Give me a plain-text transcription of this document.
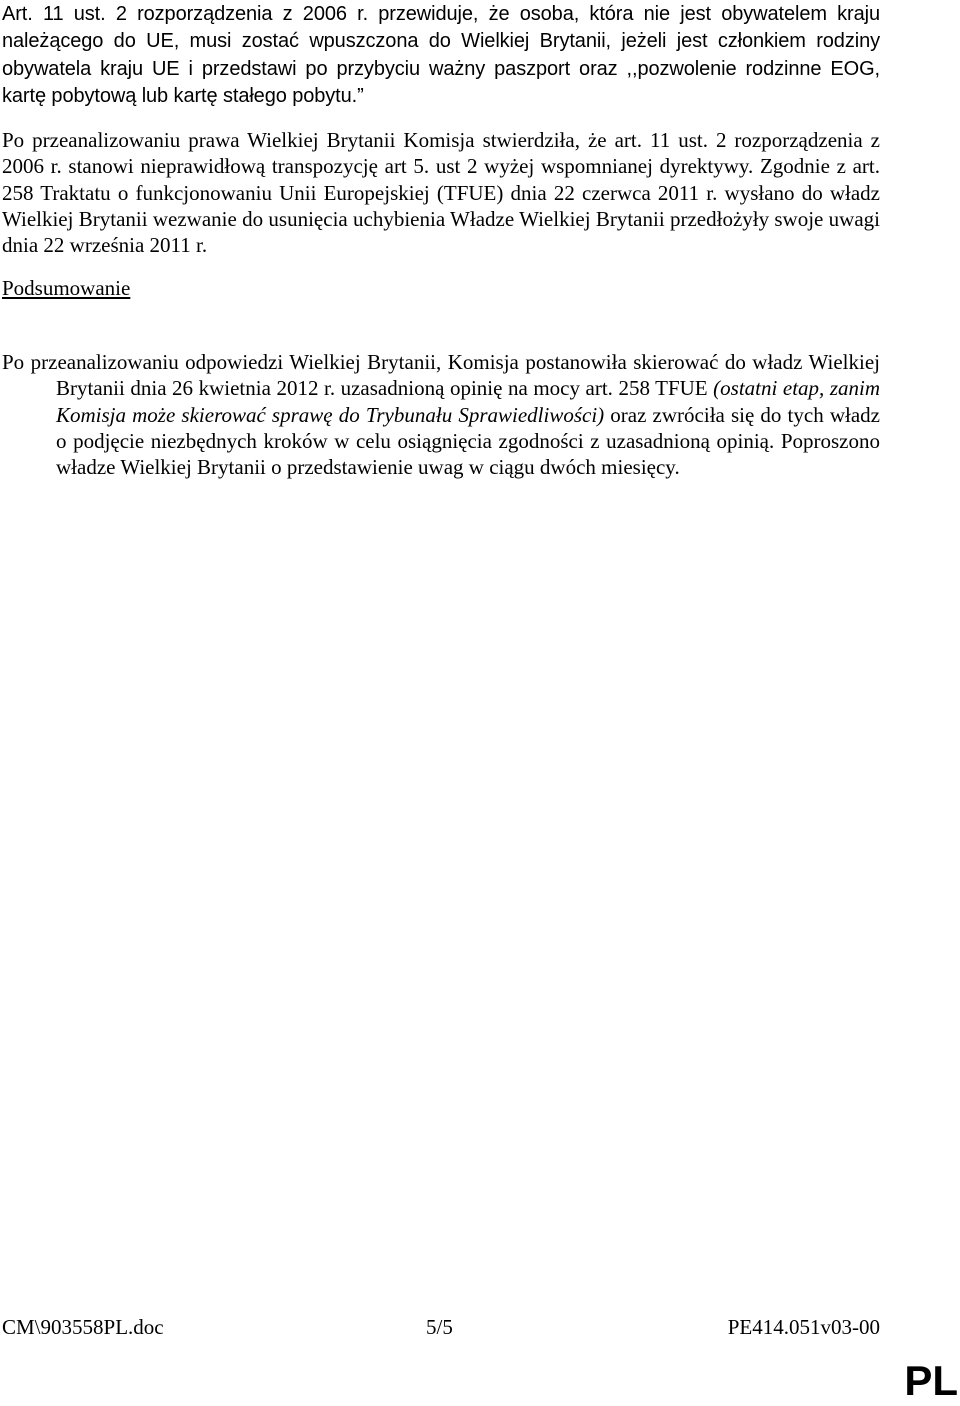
Art. 11 ust. 2 rozporządzenia z 2006 r. przewiduje, że osoba, która nie jest obywatelem kraju należącego do UE, musi zostać wpuszczona do Wielkiej Brytanii, jeżeli jest członkiem rodziny obywatela kraju UE i przedstawi po przybyciu ważny paszport oraz ,,pozwolenie rodzinne EOG, kartę pobytową lub kartę stałego pobytu.”

Po przeanalizowaniu prawa Wielkiej Brytanii Komisja stwierdziła, że art. 11 ust. 2 rozporządzenia z 2006 r. stanowi nieprawidłową transpozycję art 5. ust 2 wyżej wspomnianej dyrektywy. Zgodnie z art. 258 Traktatu o funkcjonowaniu Unii Europejskiej (TFUE) dnia 22 czerwca 2011 r. wysłano do władz Wielkiej Brytanii wezwanie do usunięcia uchybienia Władze Wielkiej Brytanii przedłożyły swoje uwagi dnia 22 września 2011 r.

Podsumowanie

Po przeanalizowaniu odpowiedzi Wielkiej Brytanii, Komisja postanowiła skierować do władz Wielkiej Brytanii dnia 26 kwietnia 2012 r. uzasadnioną opinię na mocy art. 258 TFUE (ostatni etap, zanim Komisja może skierować sprawę do Trybunału Sprawiedliwości) oraz zwróciła się do tych władz o podjęcie niezbędnych kroków w celu osiągnięcia zgodności z uzasadnioną opinią. Poproszono władze Wielkiej Brytanii o przedstawienie uwag w ciągu dwóch miesięcy.

CM\903558PL.doc	5/5	PE414.051v03-00

PL
